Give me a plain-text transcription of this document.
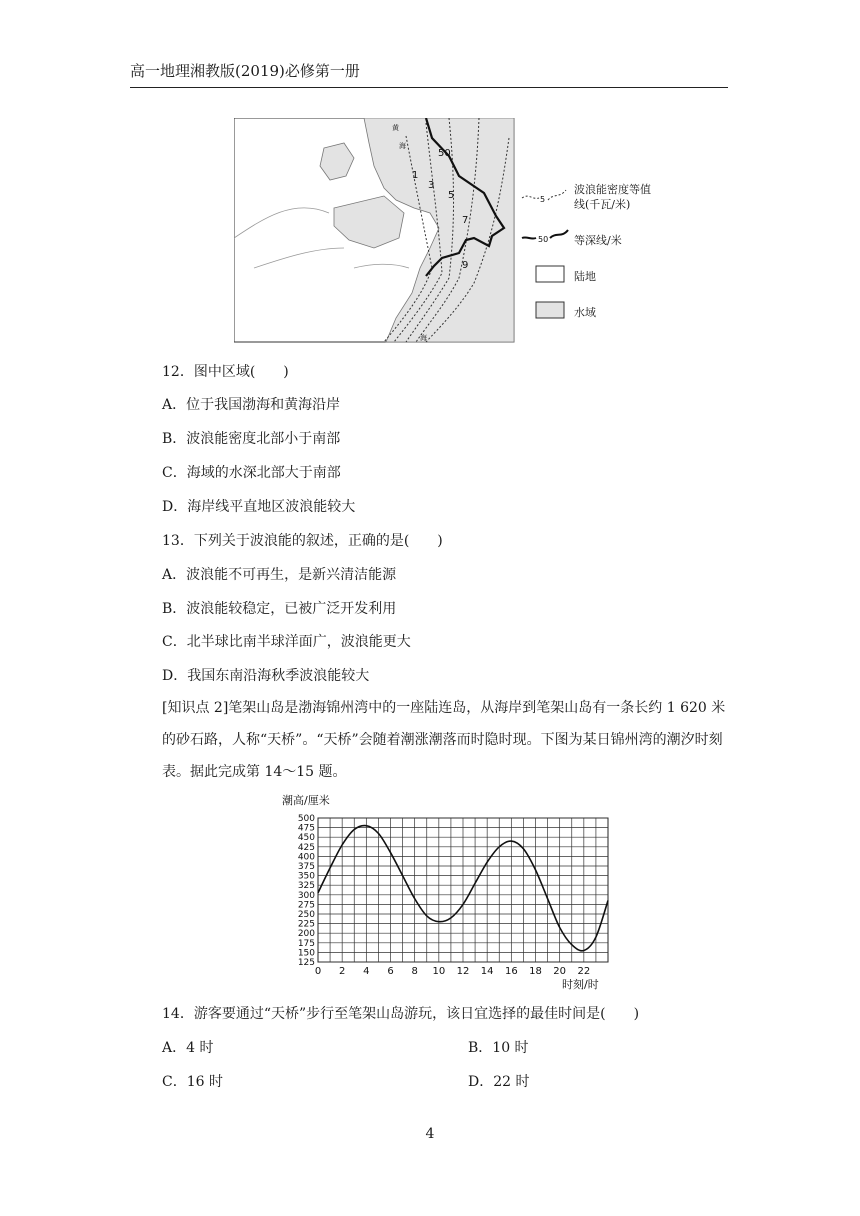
高一地理湘教版(2019)必修第一册
1
3
5
7
9
50
黄
海
海
5
50
波浪能密度等值线(千瓦/米)
等深线/米
陆地
水域
12．图中区域(　　)
A．位于我国渤海和黄海沿岸
B．波浪能密度北部小于南部
C．海域的水深北部大于南部
D．海岸线平直地区波浪能较大
13．下列关于波浪能的叙述，正确的是(　　)
A．波浪能不可再生，是新兴清洁能源
B．波浪能较稳定，已被广泛开发利用
C．北半球比南半球洋面广，波浪能更大
D．我国东南沿海秋季波浪能较大
[知识点 2]笔架山岛是渤海锦州湾中的一座陆连岛，从海岸到笔架山岛有一条长约 1 620 米的砂石路，人称“天桥”。“天桥”会随着潮涨潮落而时隐时现。下图为某日锦州湾的潮汐时刻表。据此完成第 14～15 题。
潮高/厘米
时刻/时
125
150
175
200
225
250
275
300
325
350
375
400
425
450
475
500
0 2 4 6 8 10 12 14 16 18 20 22
14．游客要通过“天桥”步行至笔架山岛游玩，该日宜选择的最佳时间是(　　)
A．4 时	B．10 时
C．16 时	D．22 时
4
